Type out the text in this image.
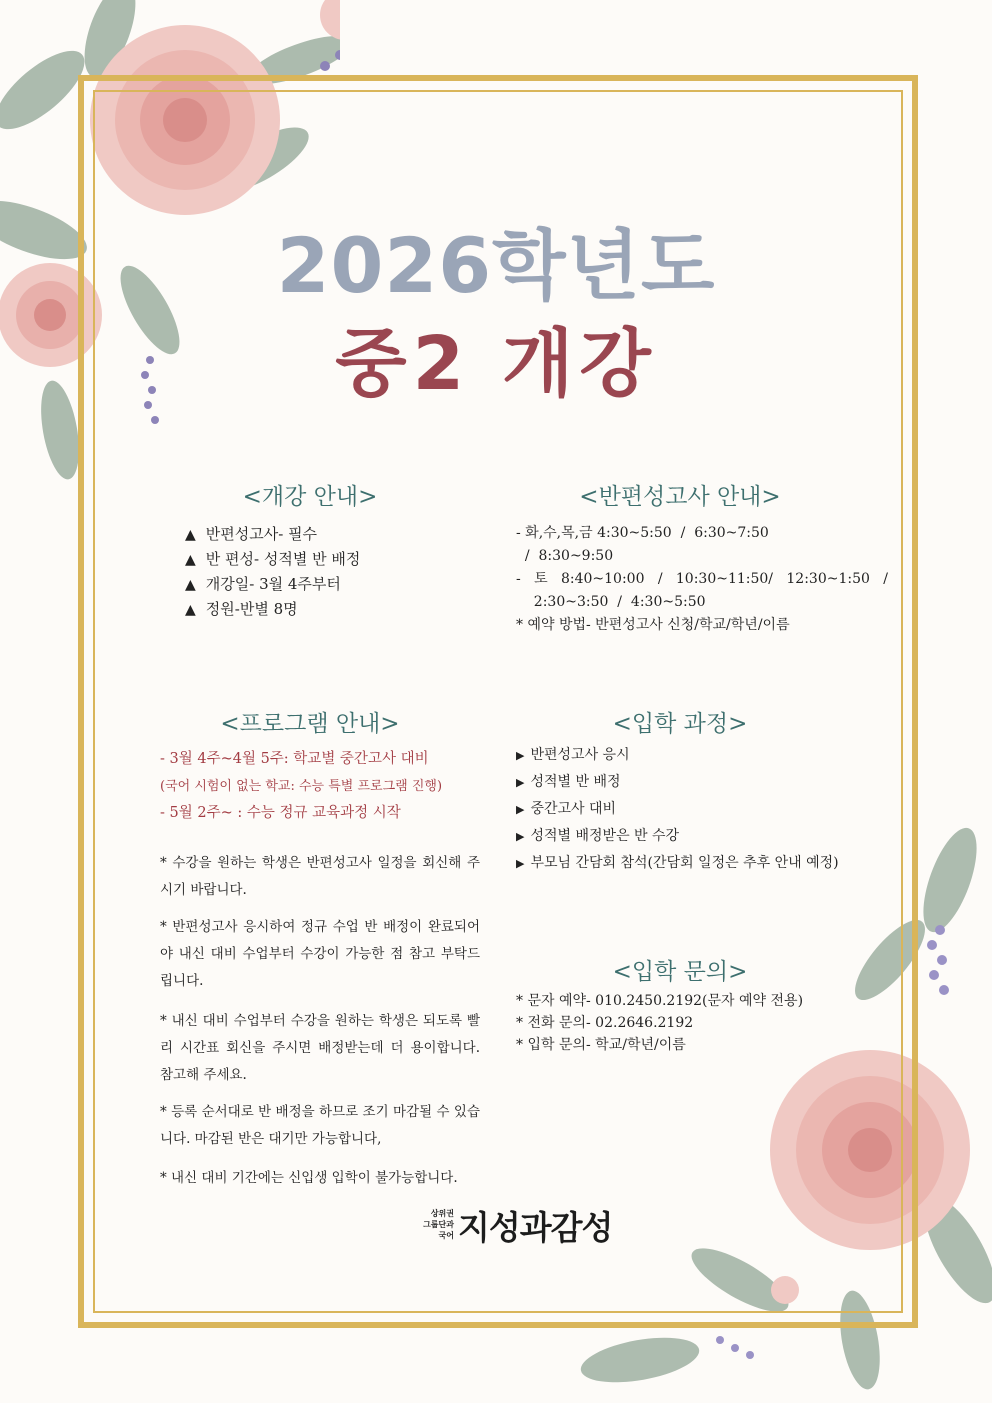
2026학년도
중2 개강
<개강 안내>
▲ 반편성고사- 필수
▲ 반 편성- 성적별 반 배정
▲ 개강일- 3월 4주부터
▲ 정원-반별 8명
<반편성고사 안내>
- 화,수,목,금 4:30~5:50  /  6:30~7:50
/  8:30~9:50
-   토   8:40~10:00   /   10:30~11:50/   12:30~1:50   /
2:30~3:50  /  4:30~5:50
* 예약 방법- 반편성고사 신청/학교/학년/이름
<프로그램 안내>
- 3월 4주~4월 5주: 학교별 중간고사 대비
(국어 시험이 없는 학교: 수능 특별 프로그램 진행)
- 5월 2주~ : 수능 정규 교육과정 시작
* 수강을 원하는 학생은 반편성고사 일정을 회신해 주시기 바랍니다.
* 반편성고사 응시하여 정규 수업 반 배정이 완료되어야 내신 대비 수업부터 수강이 가능한 점 참고 부탁드립니다.
* 내신 대비 수업부터 수강을 원하는 학생은 되도록 빨리 시간표 회신을 주시면 배정받는데 더 용이합니다. 참고해 주세요.
* 등록 순서대로 반 배정을 하므로 조기 마감될 수 있습니다. 마감된 반은 대기만 가능합니다,
* 내신 대비 기간에는 신입생 입학이 불가능합니다.
<입학 과정>
▶ 반편성고사 응시
▶ 성적별 반 배정
▶ 중간고사 대비
▶ 성적별 배정받은 반 수강
▶ 부모님 간담회 참석(간담회 일정은 추후 안내 예정)
<입학 문의>
* 문자 예약- 010.2450.2192(문자 예약 전용)
* 전화 문의- 02.2646.2192
* 입학 문의- 학교/학년/이름
상위권
그룹단과
국어 지성과감성
